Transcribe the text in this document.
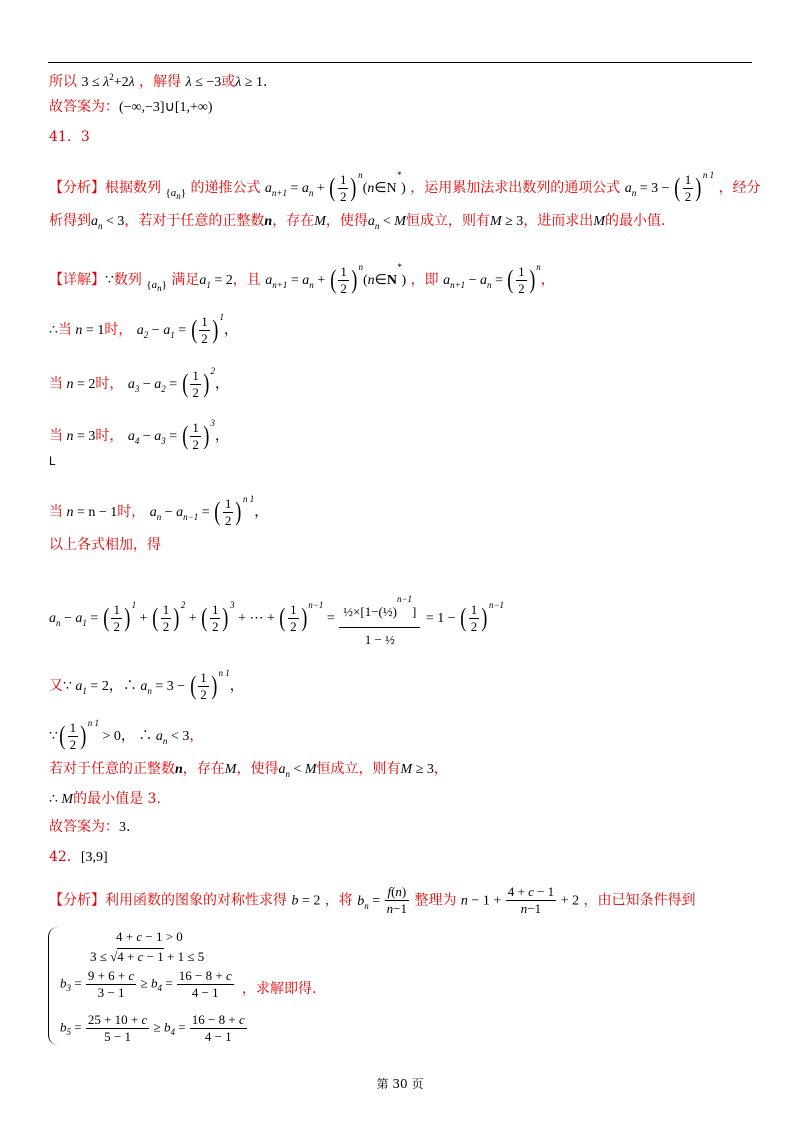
所以 $3 \le \lambda^2+2\lambda$ ，解得 λ ≤ −3或λ ≥ 1.
故答案为：(−∞,−3]∪[1,+∞)
41．3
【分析】根据数列 $_{\{a_n\}}$ 的递推公式 $a_{n+1} = a_n$ + ( $\frac{1}{2}$ )$^n$(n∈N*) ，运用累加法求出数列的通项公式 $a_n = 3$ − ( $\frac{1}{2} )^{n 1}$ ，经分
析得到$a_n < 3$，若对于任意的正整数n，存在M，使得$a_n < M$恒成立，则有M ≥ 3，进而求出M的最小值.
【详解】∵数列 $_{\{a_n\}}$ 满足$a_1 = 2$，且 $a_{n+1} = a_n$ + ( $\frac{1}{2}$ )$^n$(n∈N*) ，即 $a_{n+1} - a_n$ = ( $\frac{1}{2} )^n$，
∴当 n = 1时， $a_2 - a_1$ = ( $\frac{1}{2} )^1$，
当 n = 2时， $a_3 - a_2$ = ( $\frac{1}{2} )^2$，
当 n = 3时， $a_4 - a_3$ = ( $\frac{1}{2} )^3$，
L
当 n = n − 1时， $a_n - a_{n-1}$ = ( $\frac{1}{2} )^{n 1}$，
以上各式相加，得
$a_n - a_1$ = ( $\frac{1}{2} )^1$ + ( $\frac{1}{2} )^2$ + ( $\frac{1}{2} )^3$ + ⋯ + ( $\frac{1}{2} )^{n-1} = \frac{\frac{1}{2}\times[1-(\frac{1}{2})^{n-1}]}{\text{1 − ½}} = 1$ − ( $\frac{1}{2} )^{n-1}$
又∵ $a_1 = 2$，∴ $a_n = 3$ − ( $\frac{1}{2} )^{n 1}$，
∵( $\frac{1}{2} )^{n 1} > 0$， ∴ $a_n < 3$，
若对于任意的正整数n，存在M，使得$a_n < M$恒成立，则有M ≥ 3，
∴ M的最小值是 3.
故答案为：3.
42．[3,9]
【分析】利用函数的图象的对称性求得 b = 2 ，将 $b_n = \frac{f(n)}{n-1}$ 整理为 $n - 1 + \frac{4 + c - 1}{n-1} + 2$ ，由已知条件得到
4 + c − 1 > 0
3 ≤ √4 + c − 1 + 1 ≤ 5
$b_3 = \frac{9 + 6 + c}{3 - 1} \ge b_4 = \frac{16 - 8 + c}{4 - 1}$ ，求解即得.
$b_5 = \frac{25 + 10 + c}{5 - 1} \ge b_4 = \frac{16 - 8 + c}{4 - 1}$
第 30 页
